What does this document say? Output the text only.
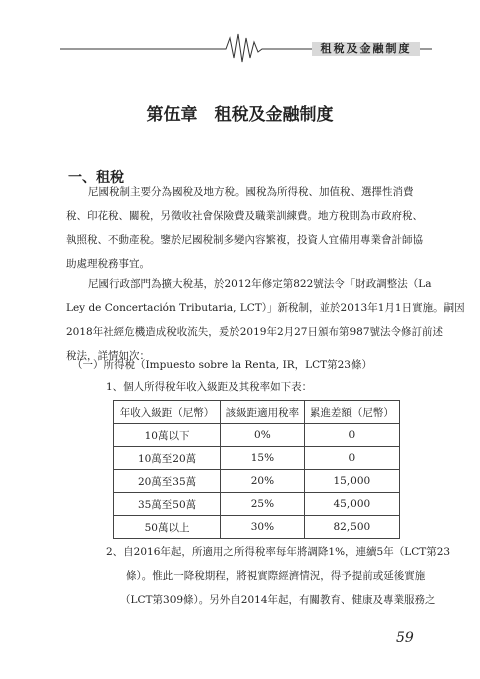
租稅及金融制度
第伍章　租稅及金融制度
一、租稅
尼國稅制主要分為國稅及地方稅。國稅為所得稅、加值稅、選擇性消費
稅、印花稅、關稅，另徵收社會保險費及職業訓練費。地方稅則為市政府稅、
執照稅、不動產稅。鑒於尼國稅制多變內容繁複，投資人宜備用專業會計師協
助處理稅務事宜。
尼國行政部門為擴大稅基，於2012年修定第822號法令「財政調整法（La
Ley de Concertación Tributaria, LCT）」新稅制，並於2013年1月1日實施。嗣因
2018年社經危機造成稅收流失，爰於2019年2月27日頒布第987號法令修訂前述
稅法，詳情如次：
（一）所得稅（Impuesto sobre la Renta, IR，LCT第23條）
1、個人所得稅年收入級距及其稅率如下表：
年收入級距（尼幣）	該級距適用稅率	累進差額（尼幣）
10萬以下	0%	0
10萬至20萬	15%	0
20萬至35萬	20%	15,000
35萬至50萬	25%	45,000
50萬以上	30%	82,500
2、自2016年起，所適用之所得稅率每年將調降1%，連續5年（LCT第23
條）。惟此一降稅期程，將視實際經濟情況，得予提前或延後實施
（LCT第309條）。另外自2014年起，有關教育、健康及專業服務之
59
